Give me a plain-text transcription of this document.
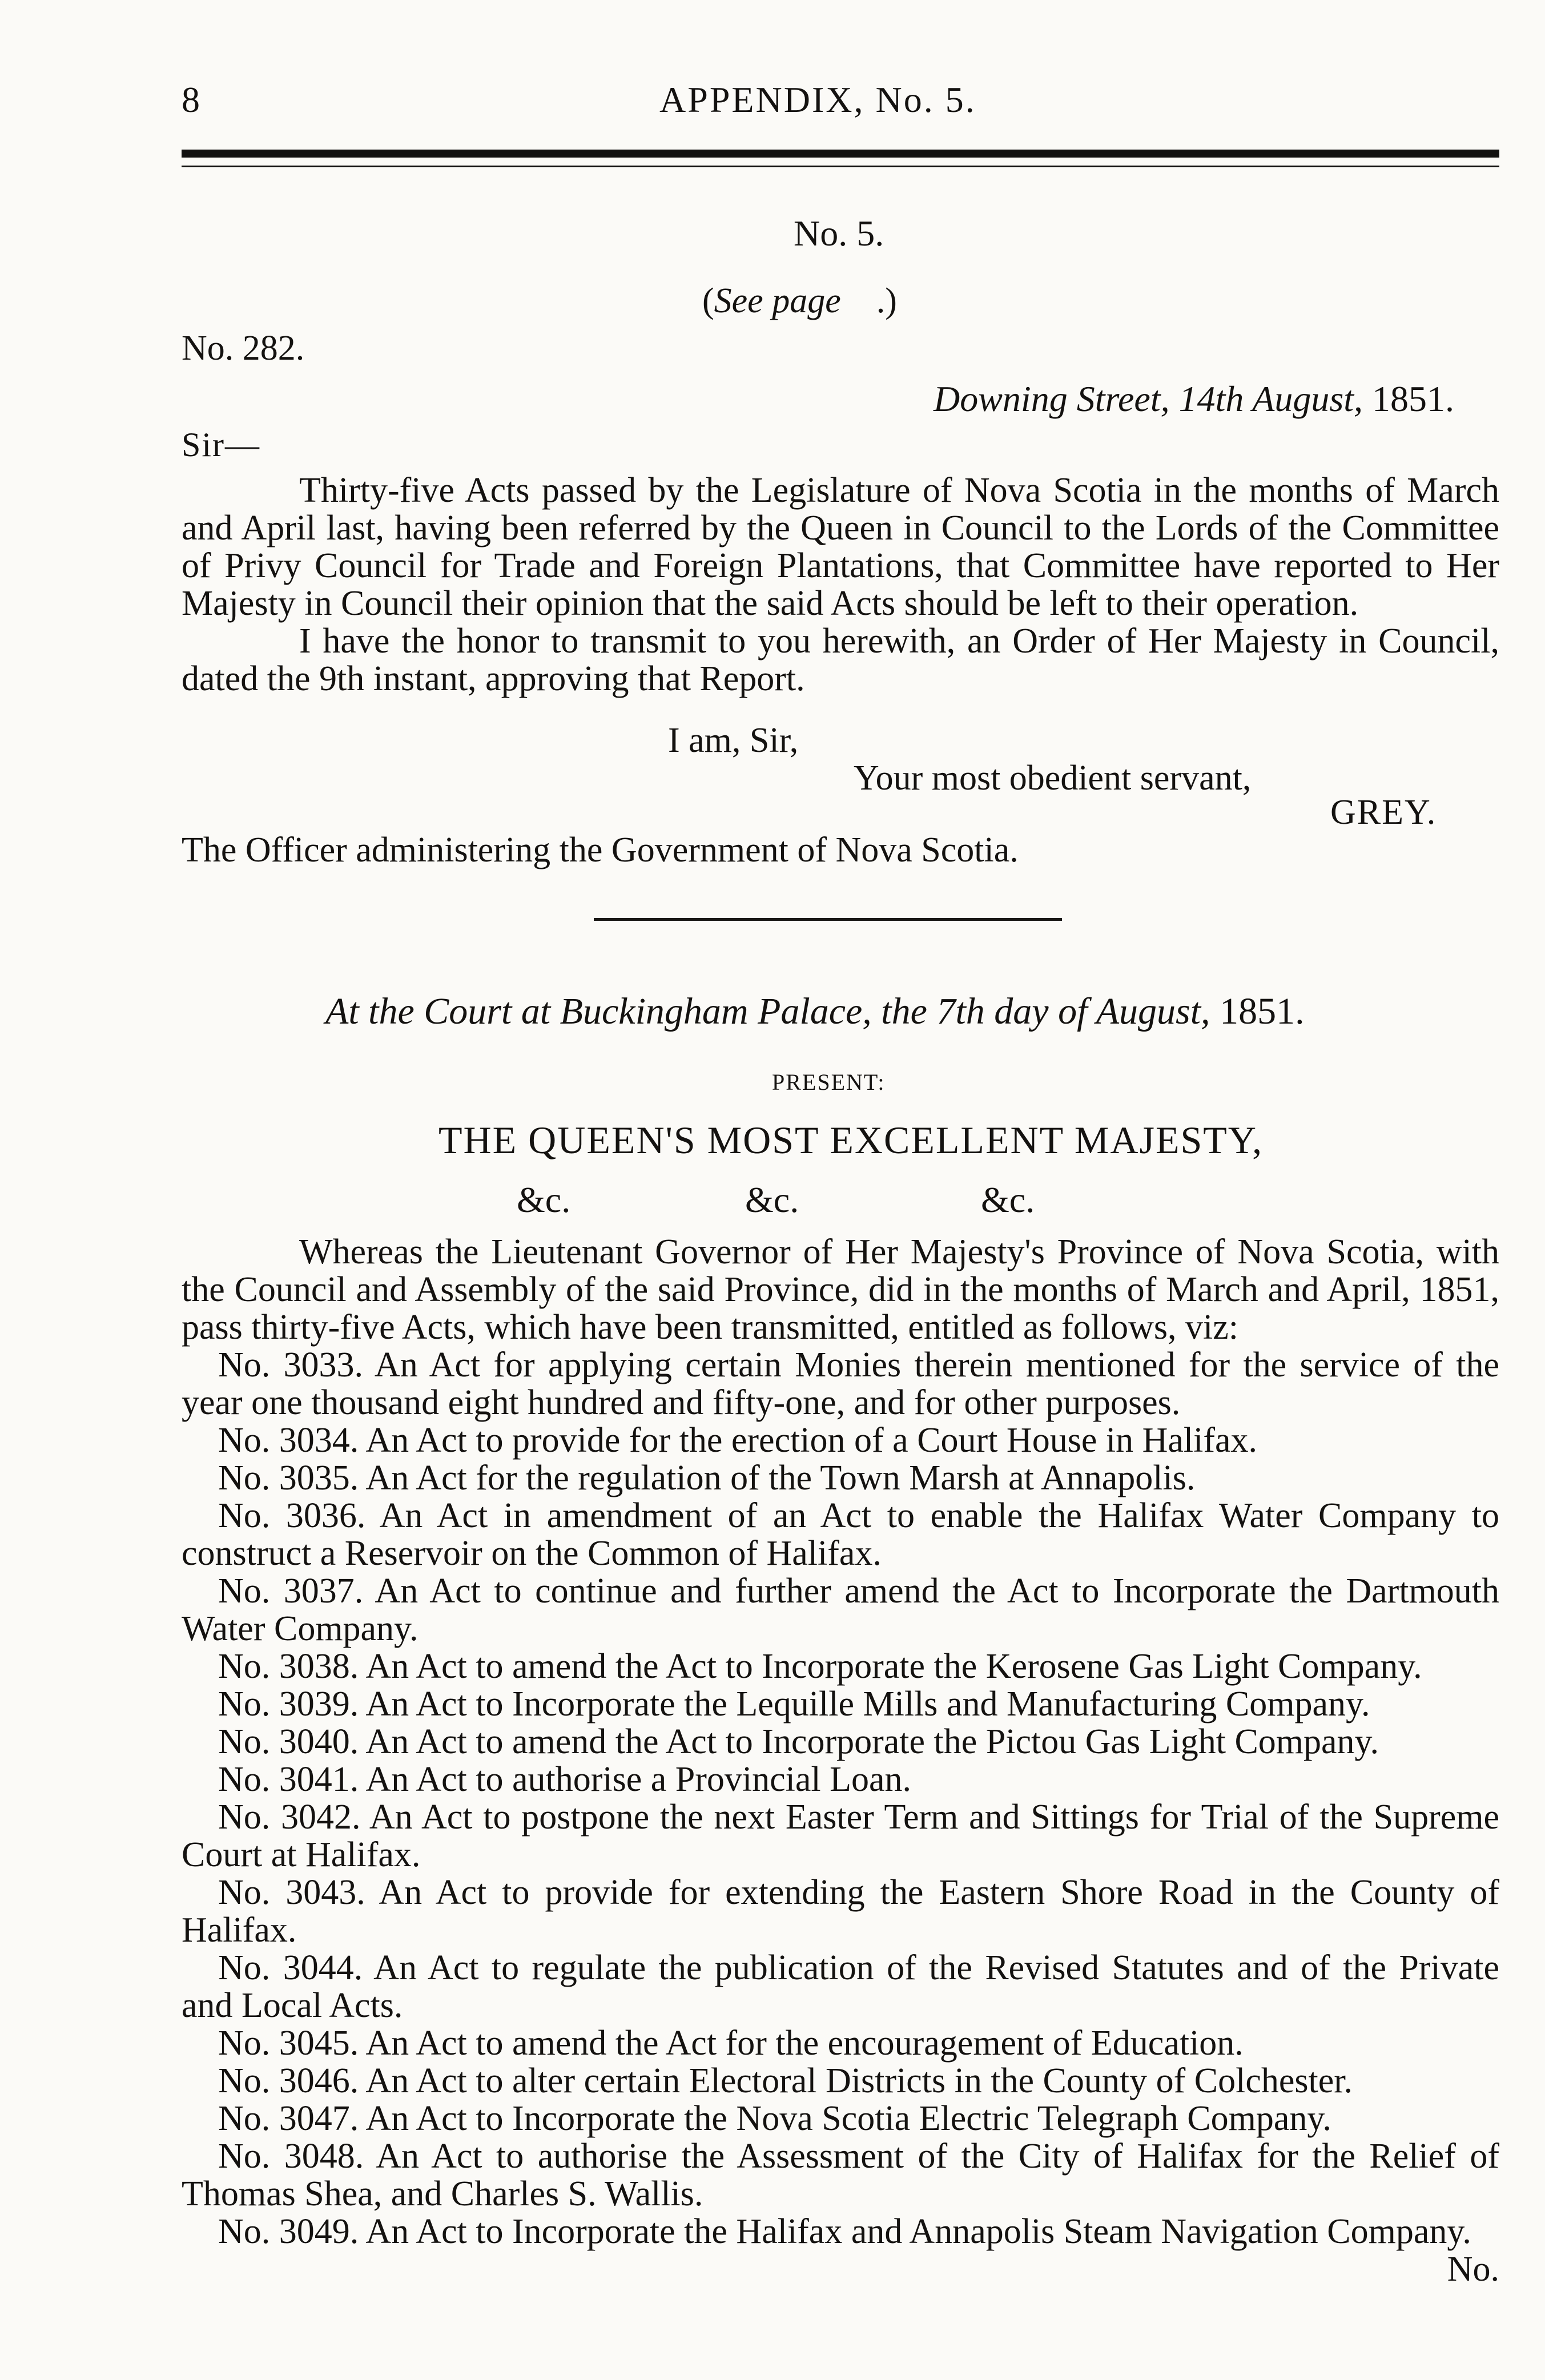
8	APPENDIX, No. 5.
No. 5.
(See page    .)
No. 282.
Downing Street, 14th August, 1851.
Sir—

Thirty-five Acts passed by the Legislature of Nova Scotia in the months of March and April last, having been referred by the Queen in Council to the Lords of the Committee of Privy Council for Trade and Foreign Plantations, that Committee have reported to Her Majesty in Council their opinion that the said Acts should be left to their operation.

I have the honor to transmit to you herewith, an Order of Her Majesty in Council, dated the 9th instant, approving that Report.

I am, Sir,
Your most obedient servant,
GREY.
The Officer administering the Government of Nova Scotia.
At the Court at Buckingham Palace, the 7th day of August, 1851.
PRESENT:
THE QUEEN'S MOST EXCELLENT MAJESTY,
&c.	&c.	&c.

Whereas the Lieutenant Governor of Her Majesty's Province of Nova Scotia, with the Council and Assembly of the said Province, did in the months of March and April, 1851, pass thirty-five Acts, which have been transmitted, entitled as follows, viz:

No. 3033. An Act for applying certain Monies therein mentioned for the service of the year one thousand eight hundred and fifty-one, and for other purposes.

No. 3034. An Act to provide for the erection of a Court House in Halifax.

No. 3035. An Act for the regulation of the Town Marsh at Annapolis.

No. 3036. An Act in amendment of an Act to enable the Halifax Water Company to construct a Reservoir on the Common of Halifax.

No. 3037. An Act to continue and further amend the Act to Incorporate the Dartmouth Water Company.

No. 3038. An Act to amend the Act to Incorporate the Kerosene Gas Light Company.

No. 3039. An Act to Incorporate the Lequille Mills and Manufacturing Company.

No. 3040. An Act to amend the Act to Incorporate the Pictou Gas Light Company.

No. 3041. An Act to authorise a Provincial Loan.

No. 3042. An Act to postpone the next Easter Term and Sittings for Trial of the Supreme Court at Halifax.

No. 3043. An Act to provide for extending the Eastern Shore Road in the County of Halifax.

No. 3044. An Act to regulate the publication of the Revised Statutes and of the Private and Local Acts.

No. 3045. An Act to amend the Act for the encouragement of Education.

No. 3046. An Act to alter certain Electoral Districts in the County of Colchester.

No. 3047. An Act to Incorporate the Nova Scotia Electric Telegraph Company.

No. 3048. An Act to authorise the Assessment of the City of Halifax for the Relief of Thomas Shea, and Charles S. Wallis.

No. 3049. An Act to Incorporate the Halifax and Annapolis Steam Navigation Company.

No.
